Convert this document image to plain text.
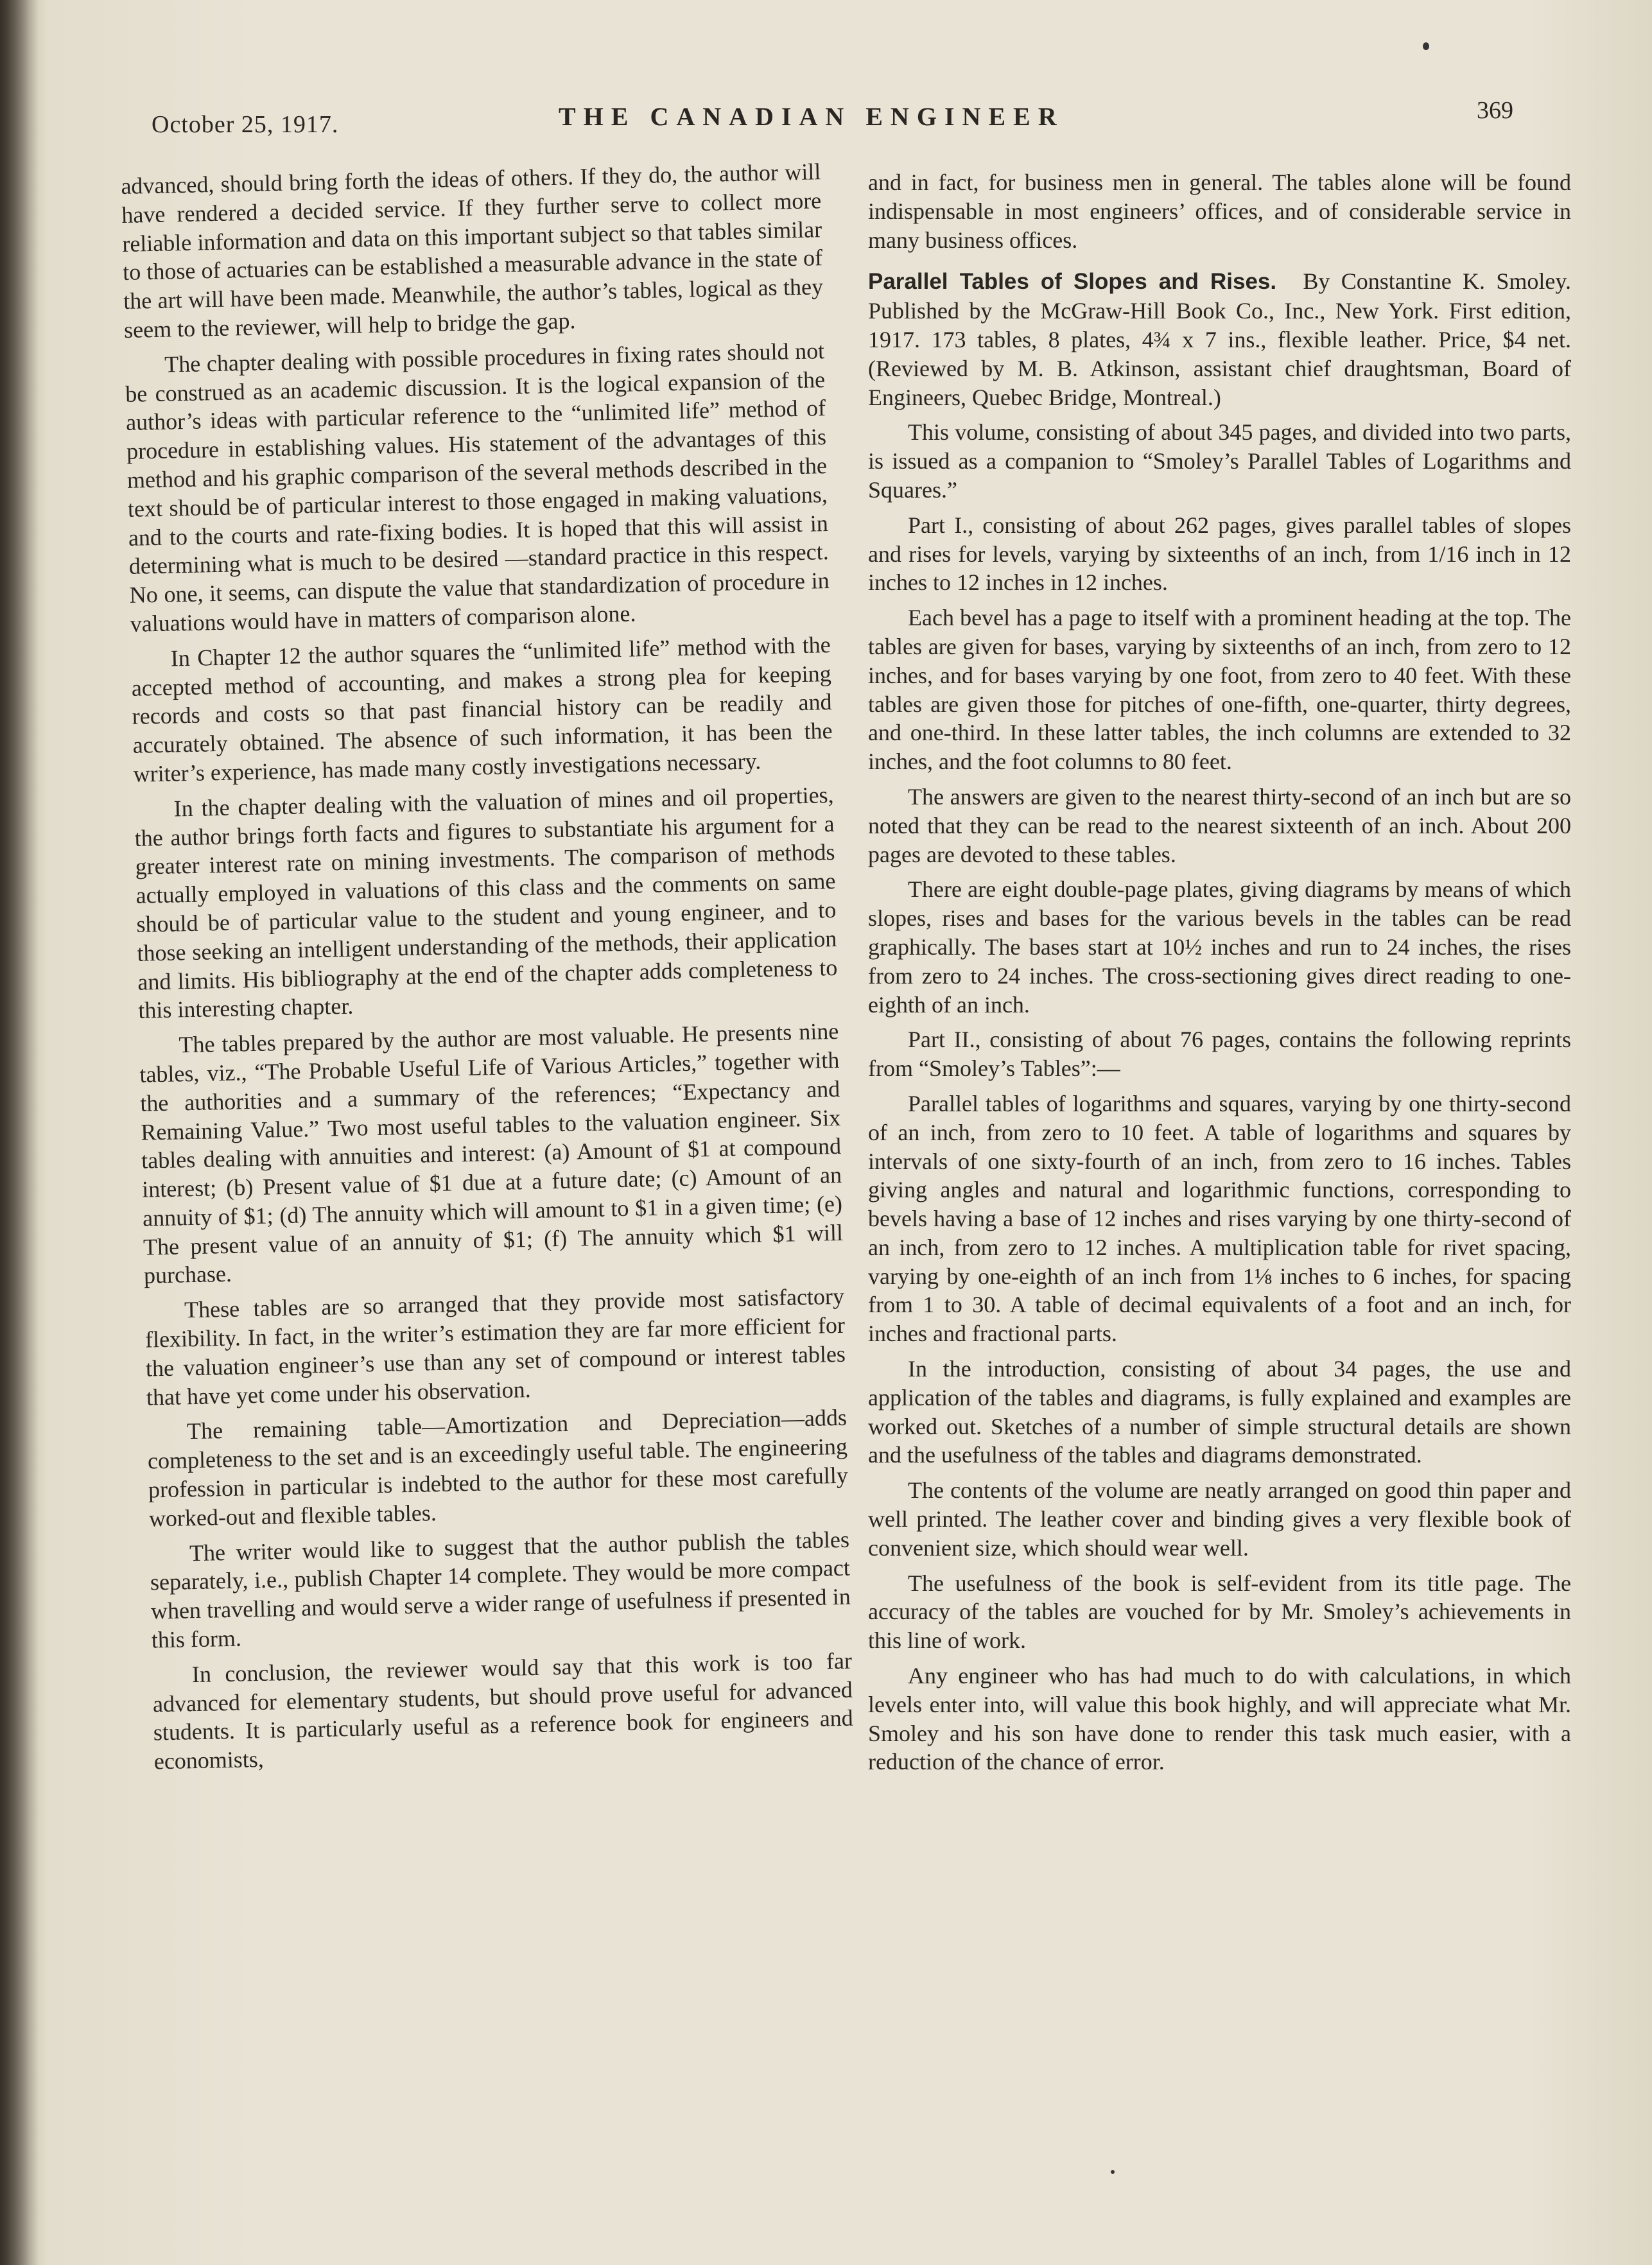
October 25, 1917.	THE CANADIAN ENGINEER	369

advanced, should bring forth the ideas of others. If they do, the author will have rendered a decided service. If they further serve to collect more reliable information and data on this important subject so that tables similar to those of actuaries can be established a measurable advance in the state of the art will have been made. Meanwhile, the author’s tables, logical as they seem to the reviewer, will help to bridge the gap.

The chapter dealing with possible procedures in fixing rates should not be construed as an academic discussion. It is the logical expansion of the author’s ideas with particular reference to the “unlimited life” method of procedure in establishing values. His statement of the advantages of this method and his graphic comparison of the several methods described in the text should be of particular interest to those engaged in making valuations, and to the courts and rate-fixing bodies. It is hoped that this will assist in determining what is much to be desired —standard practice in this respect. No one, it seems, can dispute the value that standardization of procedure in valuations would have in matters of comparison alone.

In Chapter 12 the author squares the “unlimited life” method with the accepted method of accounting, and makes a strong plea for keeping records and costs so that past financial history can be readily and accurately obtained. The absence of such information, it has been the writer’s experience, has made many costly investigations necessary.

In the chapter dealing with the valuation of mines and oil properties, the author brings forth facts and figures to substantiate his argument for a greater interest rate on mining investments. The comparison of methods actually employed in valuations of this class and the comments on same should be of particular value to the student and young engineer, and to those seeking an intelligent understanding of the methods, their application and limits. His bibliography at the end of the chapter adds completeness to this interesting chapter.

The tables prepared by the author are most valuable. He presents nine tables, viz., “The Probable Useful Life of Various Articles,” together with the authorities and a summary of the references; “Expectancy and Remaining Value.” Two most useful tables to the valuation engineer. Six tables dealing with annuities and interest: (a) Amount of $1 at compound interest; (b) Present value of $1 due at a future date; (c) Amount of an annuity of $1; (d) The annuity which will amount to $1 in a given time; (e) The present value of an annuity of $1; (f) The annuity which $1 will purchase.

These tables are so arranged that they provide most satisfactory flexibility. In fact, in the writer’s estimation they are far more efficient for the valuation engineer’s use than any set of compound or interest tables that have yet come under his observation.

The remaining table—Amortization and Depreciation—adds completeness to the set and is an exceedingly useful table. The engineering profession in particular is indebted to the author for these most carefully worked-out and flexible tables.

The writer would like to suggest that the author publish the tables separately, i.e., publish Chapter 14 complete. They would be more compact when travelling and would serve a wider range of usefulness if presented in this form.

In conclusion, the reviewer would say that this work is too far advanced for elementary students, but should prove useful for advanced students. It is particularly useful as a reference book for engineers and economists,

and in fact, for business men in general. The tables alone will be found indispensable in most engineers’ offices, and of considerable service in many business offices.

Parallel Tables of Slopes and Rises. By Constantine K. Smoley. Published by the McGraw-Hill Book Co., Inc., New York. First edition, 1917. 173 tables, 8 plates, 4¾ x 7 ins., flexible leather. Price, $4 net. (Reviewed by M. B. Atkinson, assistant chief draughtsman, Board of Engineers, Quebec Bridge, Montreal.)

This volume, consisting of about 345 pages, and divided into two parts, is issued as a companion to “Smoley’s Parallel Tables of Logarithms and Squares.”

Part I., consisting of about 262 pages, gives parallel tables of slopes and rises for levels, varying by sixteenths of an inch, from 1/16 inch in 12 inches to 12 inches in 12 inches.

Each bevel has a page to itself with a prominent heading at the top. The tables are given for bases, varying by sixteenths of an inch, from zero to 12 inches, and for bases varying by one foot, from zero to 40 feet. With these tables are given those for pitches of one-fifth, one-quarter, thirty degrees, and one-third. In these latter tables, the inch columns are extended to 32 inches, and the foot columns to 80 feet.

The answers are given to the nearest thirty-second of an inch but are so noted that they can be read to the nearest sixteenth of an inch. About 200 pages are devoted to these tables.

There are eight double-page plates, giving diagrams by means of which slopes, rises and bases for the various bevels in the tables can be read graphically. The bases start at 10½ inches and run to 24 inches, the rises from zero to 24 inches. The cross-sectioning gives direct reading to one-eighth of an inch.

Part II., consisting of about 76 pages, contains the following reprints from “Smoley’s Tables”:—

Parallel tables of logarithms and squares, varying by one thirty-second of an inch, from zero to 10 feet. A table of logarithms and squares by intervals of one sixty-fourth of an inch, from zero to 16 inches. Tables giving angles and natural and logarithmic functions, corresponding to bevels having a base of 12 inches and rises varying by one thirty-second of an inch, from zero to 12 inches. A multiplication table for rivet spacing, varying by one-eighth of an inch from 1⅛ inches to 6 inches, for spacing from 1 to 30. A table of decimal equivalents of a foot and an inch, for inches and fractional parts.

In the introduction, consisting of about 34 pages, the use and application of the tables and diagrams, is fully explained and examples are worked out. Sketches of a number of simple structural details are shown and the usefulness of the tables and diagrams demonstrated.

The contents of the volume are neatly arranged on good thin paper and well printed. The leather cover and binding gives a very flexible book of convenient size, which should wear well.

The usefulness of the book is self-evident from its title page. The accuracy of the tables are vouched for by Mr. Smoley’s achievements in this line of work.

Any engineer who has had much to do with calculations, in which levels enter into, will value this book highly, and will appreciate what Mr. Smoley and his son have done to render this task much easier, with a reduction of the chance of error.
